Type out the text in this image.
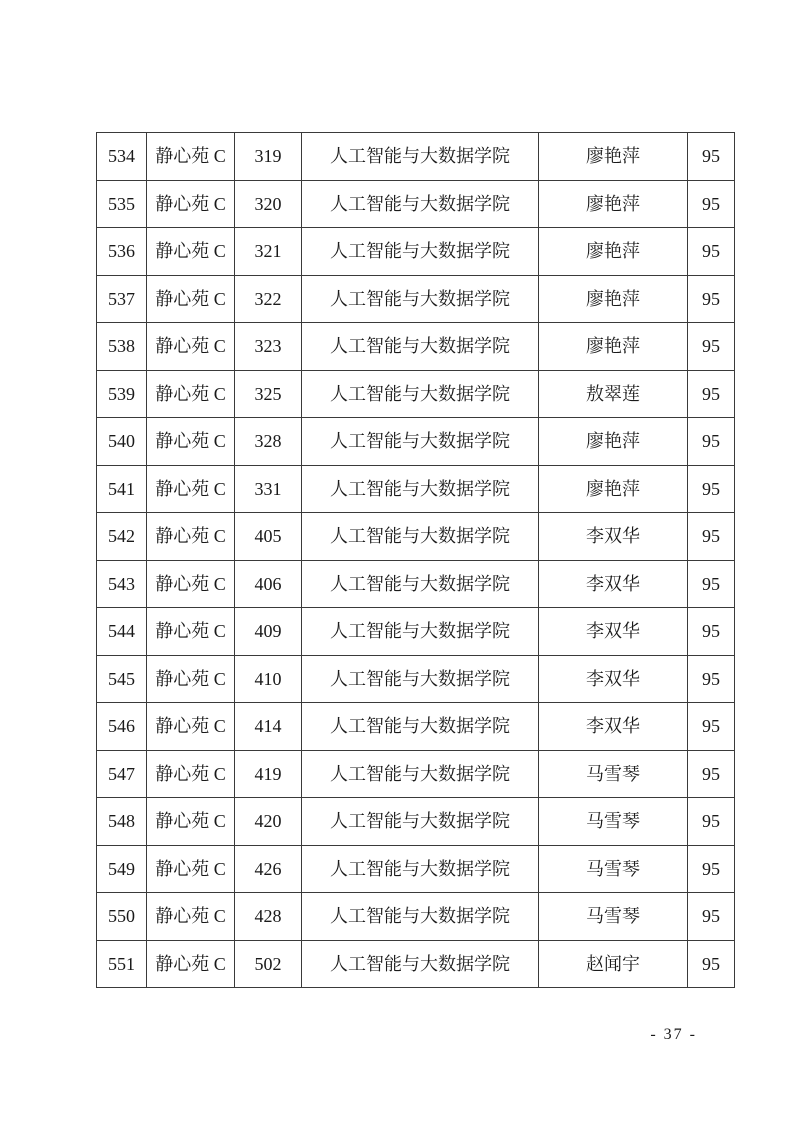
534	静心苑 C	319	人工智能与大数据学院	廖艳萍	95
535	静心苑 C	320	人工智能与大数据学院	廖艳萍	95
536	静心苑 C	321	人工智能与大数据学院	廖艳萍	95
537	静心苑 C	322	人工智能与大数据学院	廖艳萍	95
538	静心苑 C	323	人工智能与大数据学院	廖艳萍	95
539	静心苑 C	325	人工智能与大数据学院	敖翠莲	95
540	静心苑 C	328	人工智能与大数据学院	廖艳萍	95
541	静心苑 C	331	人工智能与大数据学院	廖艳萍	95
542	静心苑 C	405	人工智能与大数据学院	李双华	95
543	静心苑 C	406	人工智能与大数据学院	李双华	95
544	静心苑 C	409	人工智能与大数据学院	李双华	95
545	静心苑 C	410	人工智能与大数据学院	李双华	95
546	静心苑 C	414	人工智能与大数据学院	李双华	95
547	静心苑 C	419	人工智能与大数据学院	马雪琴	95
548	静心苑 C	420	人工智能与大数据学院	马雪琴	95
549	静心苑 C	426	人工智能与大数据学院	马雪琴	95
550	静心苑 C	428	人工智能与大数据学院	马雪琴	95
551	静心苑 C	502	人工智能与大数据学院	赵闻宇	95
- 37 -
